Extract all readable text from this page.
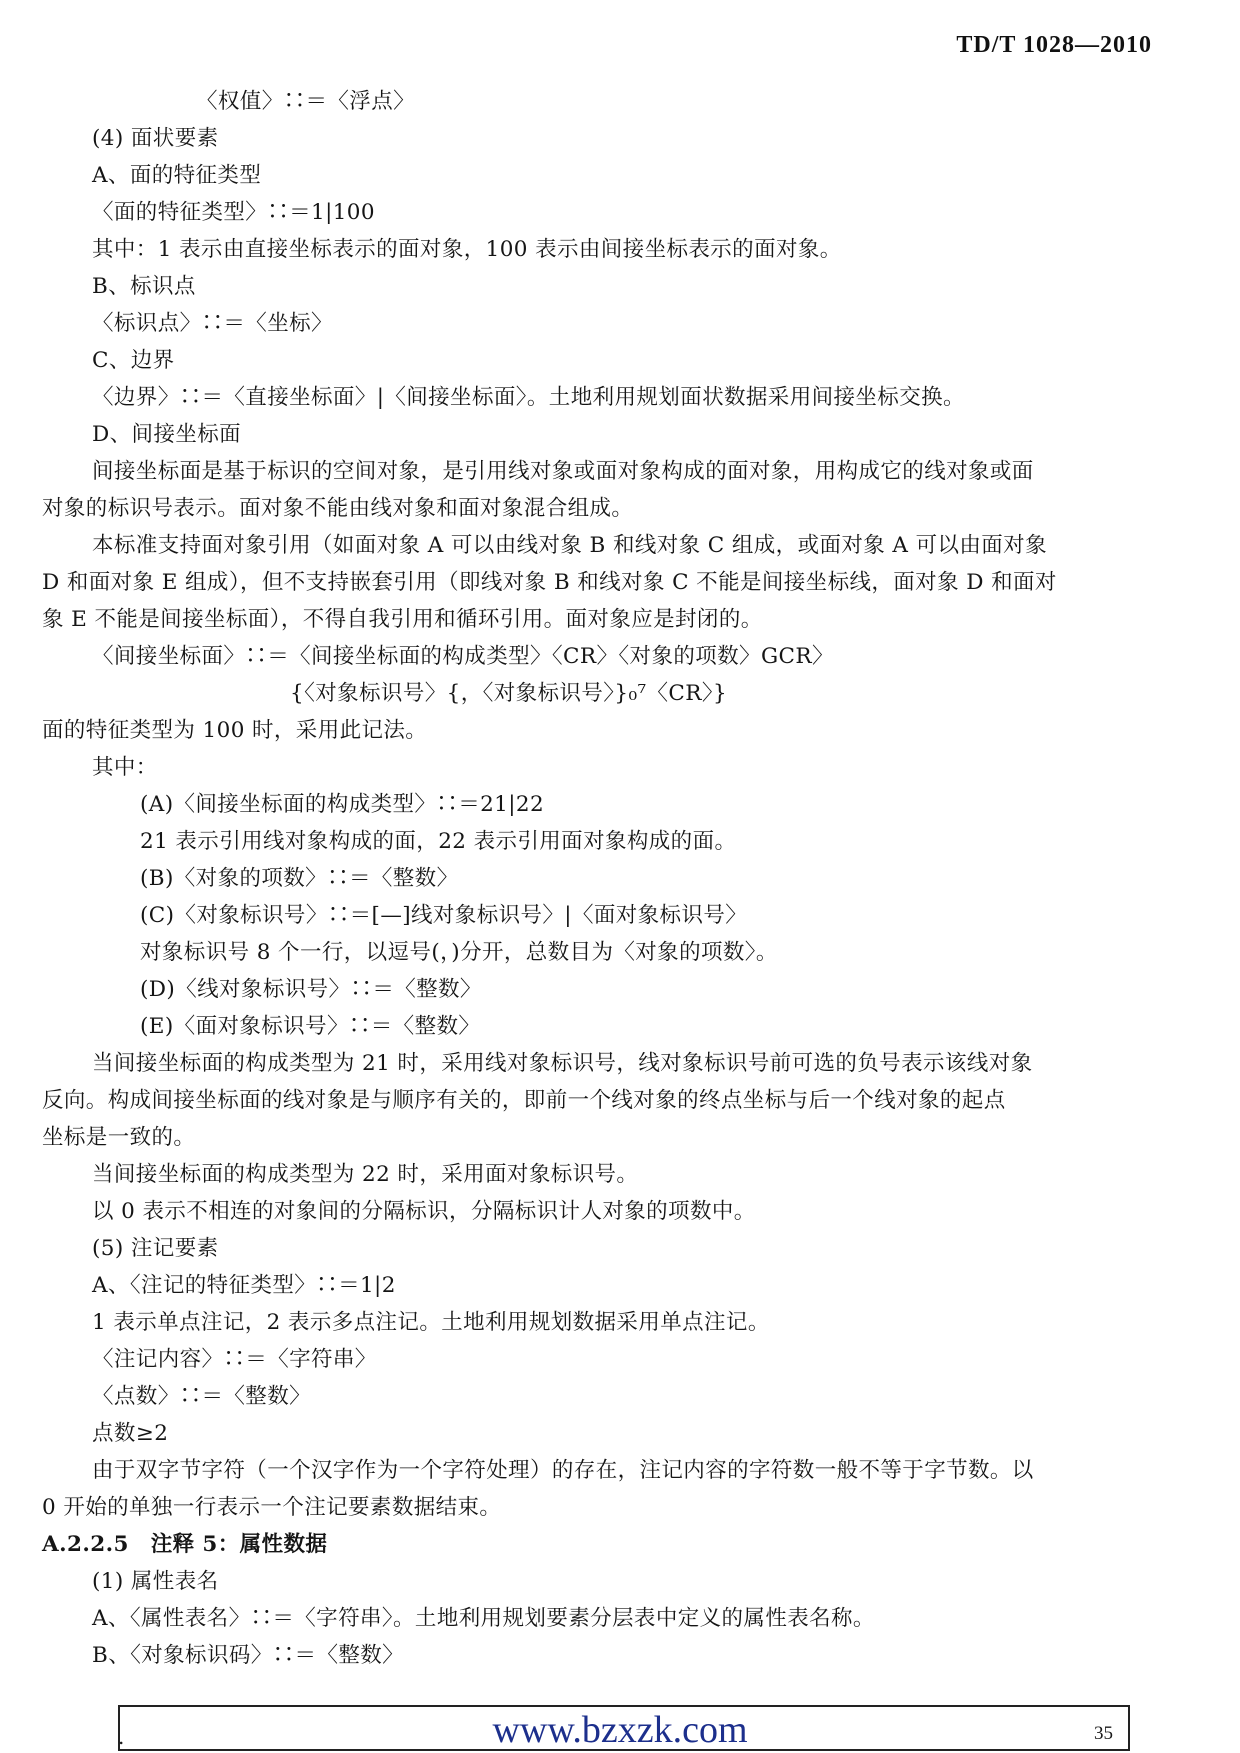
TD/T 1028—2010
〈权值〉∷＝〈浮点〉
(4) 面状要素
A、面的特征类型
〈面的特征类型〉∷＝1|100
其中：1 表示由直接坐标表示的面对象，100 表示由间接坐标表示的面对象。
B、标识点
〈标识点〉∷＝〈坐标〉
C、边界
〈边界〉∷＝〈直接坐标面〉|〈间接坐标面〉。土地利用规划面状数据采用间接坐标交换。
D、间接坐标面
间接坐标面是基于标识的空间对象，是引用线对象或面对象构成的面对象，用构成它的线对象或面
对象的标识号表示。面对象不能由线对象和面对象混合组成。
本标准支持面对象引用（如面对象 A 可以由线对象 B 和线对象 C 组成，或面对象 A 可以由面对象
D 和面对象 E 组成），但不支持嵌套引用（即线对象 B 和线对象 C 不能是间接坐标线，面对象 D 和面对
象 E 不能是间接坐标面），不得自我引用和循环引用。面对象应是封闭的。
〈间接坐标面〉∷＝〈间接坐标面的构成类型〉〈CR〉〈对象的项数〉GCR〉
{〈对象标识号〉{，〈对象标识号〉}₀⁷〈CR〉}
面的特征类型为 100 时，采用此记法。
其中：
(A)〈间接坐标面的构成类型〉∷＝21|22
21 表示引用线对象构成的面，22 表示引用面对象构成的面。
(B)〈对象的项数〉∷＝〈整数〉
(C)〈对象标识号〉∷＝[—]线对象标识号〉|〈面对象标识号〉
对象标识号 8 个一行，以逗号(，)分开，总数目为〈对象的项数〉。
(D)〈线对象标识号〉∷＝〈整数〉
(E)〈面对象标识号〉∷＝〈整数〉
当间接坐标面的构成类型为 21 时，采用线对象标识号，线对象标识号前可选的负号表示该线对象
反向。构成间接坐标面的线对象是与顺序有关的，即前一个线对象的终点坐标与后一个线对象的起点
坐标是一致的。
当间接坐标面的构成类型为 22 时，采用面对象标识号。
以 0 表示不相连的对象间的分隔标识，分隔标识计人对象的项数中。
(5) 注记要素
A、〈注记的特征类型〉∷＝1|2
1 表示单点注记，2 表示多点注记。土地利用规划数据采用单点注记。
〈注记内容〉∷＝〈字符串〉
〈点数〉∷＝〈整数〉
点数≥2
由于双字节字符（一个汉字作为一个字符处理）的存在，注记内容的字符数一般不等于字节数。以
0 开始的单独一行表示一个注记要素数据结束。
A.2.2.5　注释 5：属性数据
(1) 属性表名
A、〈属性表名〉∷＝〈字符串〉。土地利用规划要素分层表中定义的属性表名称。
B、〈对象标识码〉∷＝〈整数〉
.	www.bzxzk.com	35
